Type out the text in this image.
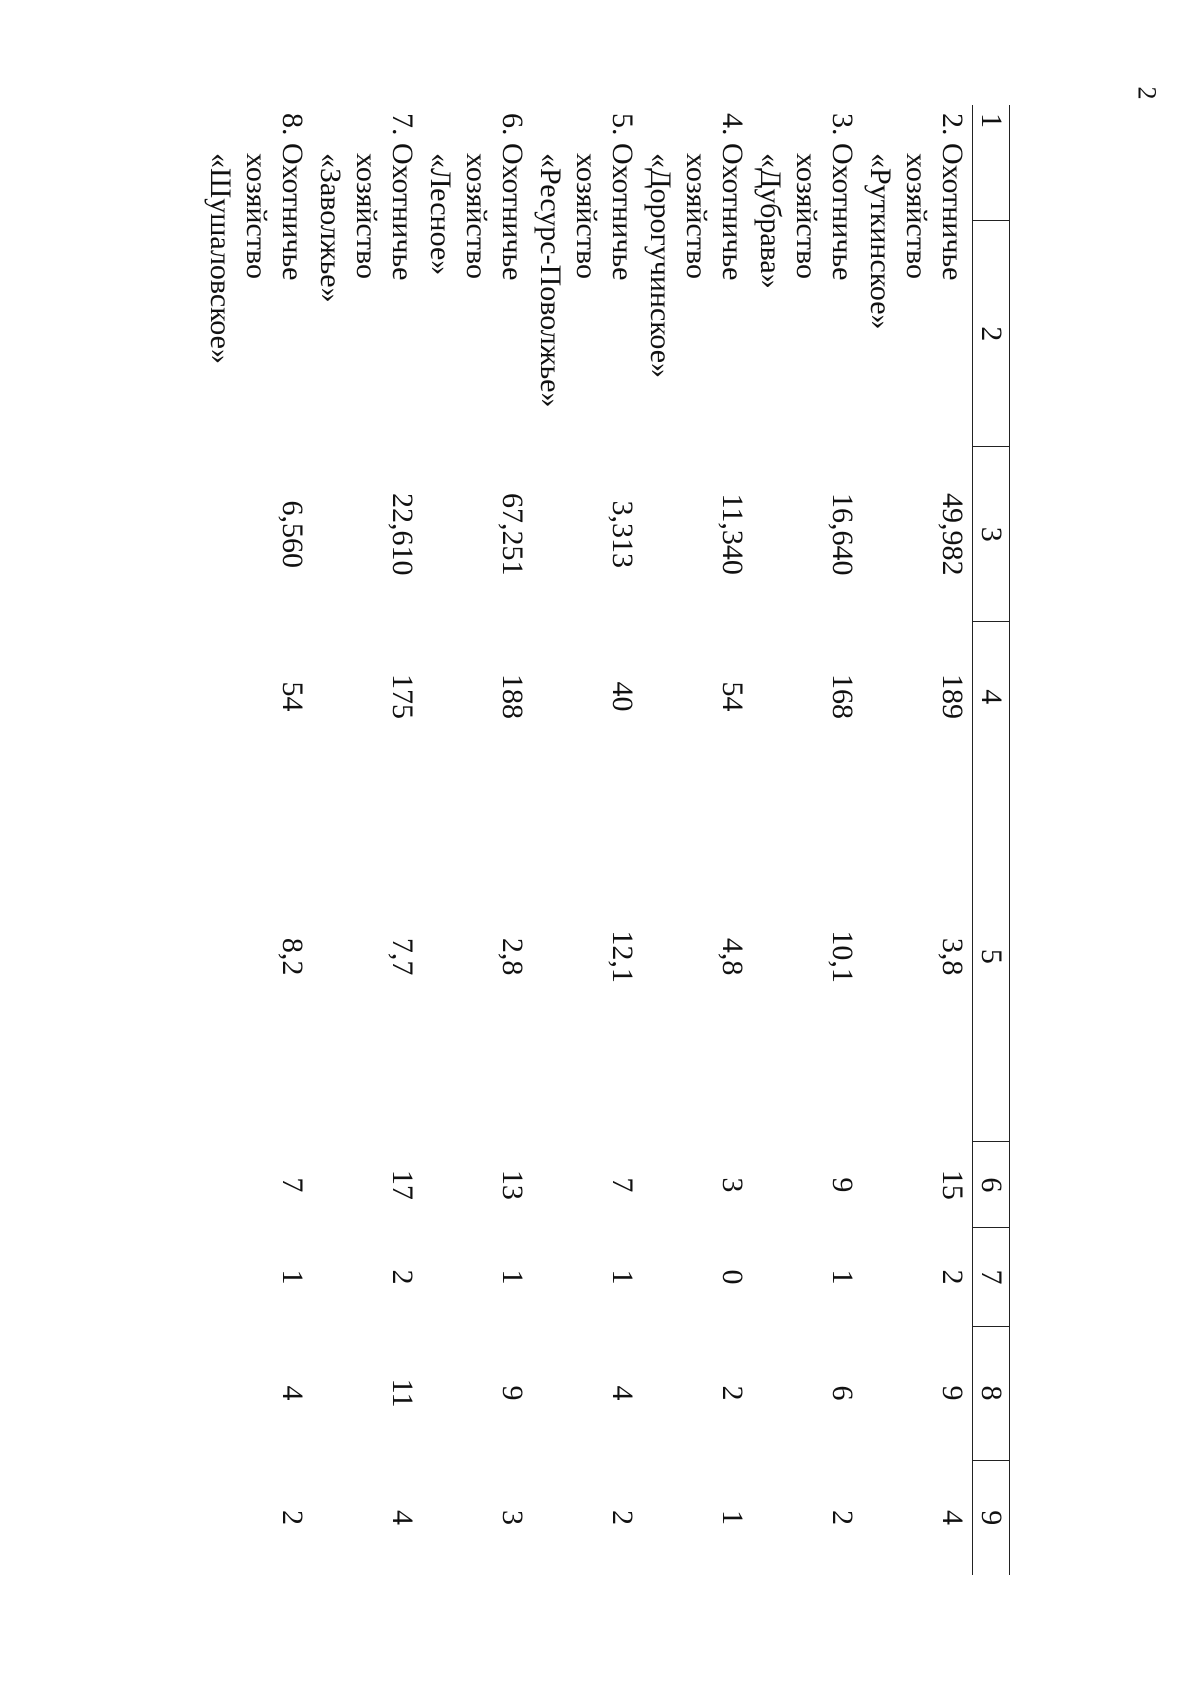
2
1	2	3	4	5	6	7	8	9

2. Охотничье
хозяйство
«Руткинское»		49,982	189	3,8	15	2	9	4

3. Охотничье
хозяйство
«Дубрава»		16,640	168	10,1	9	1	6	2

4. Охотничье
хозяйство
«Дорогучинское»		11,340	54	4,8	3	0	2	1

5. Охотничье
хозяйство
«Ресурс-Поволжье»		3,313	40	12,1	7	1	4	2

6. Охотничье
хозяйство
«Лесное»		67,251	188	2,8	13	1	9	3

7. Охотничье
хозяйство
«Заволжье»		22,610	175	7,7	17	2	11	4

8. Охотничье
хозяйство
«Шушаловское»		6,560	54	8,2	7	1	4	2
